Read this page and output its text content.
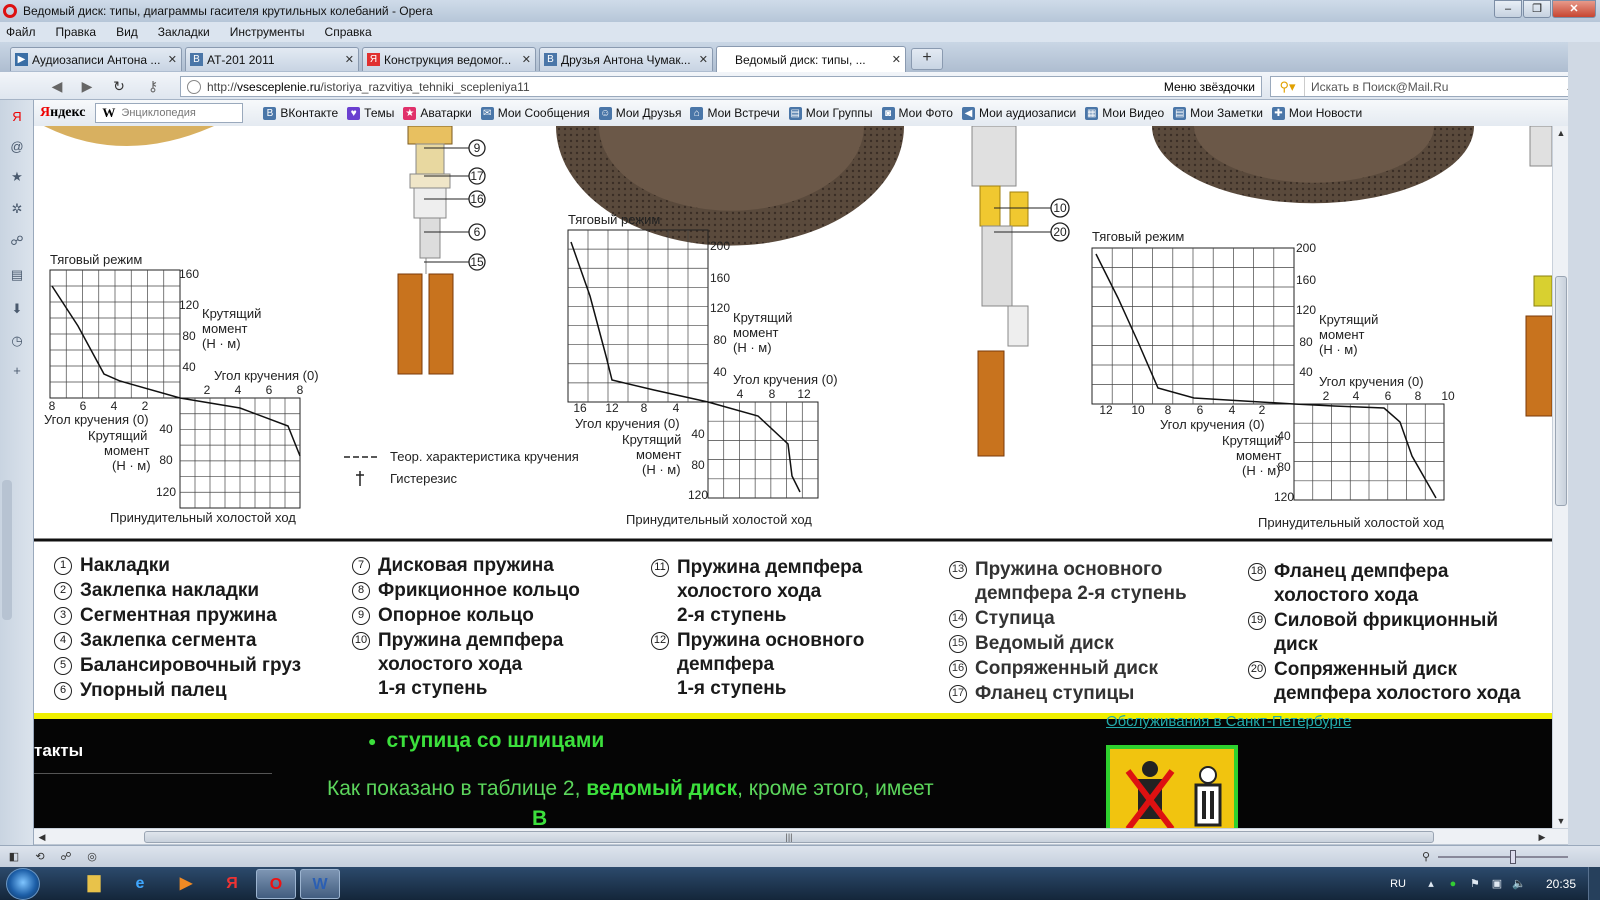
Ведомый диск: типы, диаграммы гасителя крутильных колебаний - Opera	‒	❐	✕
Файл Правка Вид Закладки Инструменты Справка
▶ Аудиозаписи Антона ... ✕	B АТ-201 2011	✕ Я Конструкция ведомог... ✕	B Друзья Антона Чумак... ✕ Ведомый диск: типы, ...	✕	+
◀	▶	↻	⚷	http:// vsesceplenie.ru /istoriya_razvitiya_tehniki_scepleniya11	Меню звёздочки	⚲▾	Искать в Поиск@Mail.Ru
Яндекс W Энциклопедия	B ВКонтакте	♥ Темы ★ Аватарки ✉ Мои Сообщения ☺ Мои Друзья	⌂ Мои Встречи ▤ Мои Группы	◙ Мои Фото ◀ Мои аудиозаписи ▦ Мои Видео ▤ Мои Заметки ✚ Мои Новости
Я
@
★
✲
☍
▤
⬇
◷
+
9
17
16
6
15
10
20
160
120
80
40
2 4 6 8
8 6 4 2
40
80
120
200
160
120
80
40
4 8 12
16 12 8 4
40
80
120
200
160
120
80
40
2 4 6 8 10
12 10 8 6 4 2
40
80
120
Тяговый режим
Крутящий
момент
(Н · м)
Угол кручения (0)
Угол кручения (0)
Крутящий
момент
(Н · м)
Принудительный холостой ход
Теор. характеристика кручения
Гистерезис
Тяговый режим
Крутящий
момент
(Н · м)
Угол кручения (0)
Угол кручения (0)
Крутящий
момент
(Н · м)
Принудительный холостой ход
Тяговый режим
Крутящий
момент
(Н · м)
Угол кручения (0)
Угол кручения (0)
Крутящий
момент
(Н · м)
Принудительный холостой ход
1 Накладки
2 Заклепка накладки
3 Сегментная пружина
4 Заклепка сегмента
5 Балансировочный груз
6 Упорный палец
7 Дисковая пружина
8 Фрикционное кольцо
9 Опорное кольцо
10 Пружина демпфера
холостого хода
1-я ступень
11 Пружина демпфера
холостого хода
2-я ступень
12 Пружина основного
демпфера
1-я ступень
13 Пружина основного
демпфера 2-я ступень
14 Ступица
15 Ведомый диск
16 Сопряженный диск
17 Фланец ступицы
18 Фланец демпфера
холостого хода
19 Силовой фрикционный
диск
20 Сопряженный диск
демпфера холостого хода
Обслуживания в Санкт-Петербурге
такты	● ступица со шлицами
Как показано в таблице 2, ведомый диск, кроме этого, имеет
В
▲
▼
◀	|||	▶
◧	⟲	☍ ◎	⚲
▇	e	▶	Я	O	W	RU	▴	●	⚑ ▣ 🔈 20:35
